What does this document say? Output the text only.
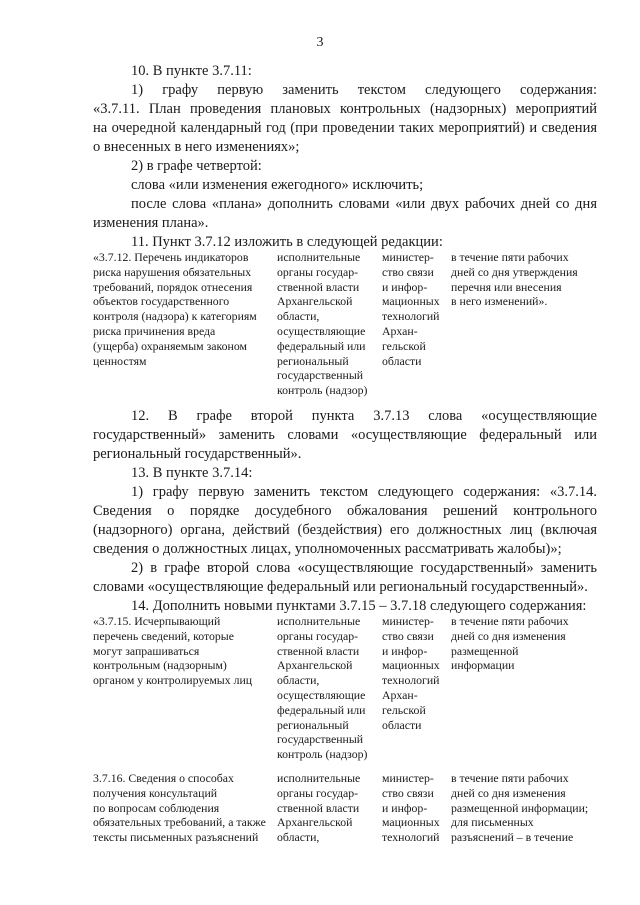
3
10. В пункте 3.7.11:
1) графу первую заменить текстом следующего содержания:
«3.7.11. План проведения плановых контрольных (надзорных) мероприятий
на очередной календарный год (при проведении таких мероприятий) и сведения
о внесенных в него изменениях»;
2) в графе четвертой:
слова «или изменения ежегодного» исключить;
после слова «плана» дополнить словами «или двух рабочих дней со дня
изменения плана».
11. Пункт 3.7.12 изложить в следующей редакции:
«3.7.12. Перечень индикаторов
риска нарушения обязательных
требований, порядок отнесения
объектов государственного
контроля (надзора) к категориям
риска причинения вреда
(ущерба) охраняемым законом
ценностям
исполнительные
органы государ-
ственной власти
Архангельской
области,
осуществляющие
федеральный или
региональный
государственный
контроль (надзор)
министер-
ство связи
и инфор-
мационных
технологий
Архан-
гельской
области
в течение пяти рабочих
дней со дня утверждения
перечня или внесения
в него изменений».
12. В графе второй пункта 3.7.13 слова «осуществляющие
государственный» заменить словами «осуществляющие федеральный или
региональный государственный».
13. В пункте 3.7.14:
1) графу первую заменить текстом следующего содержания: «3.7.14.
Сведения о порядке досудебного обжалования решений контрольного
(надзорного) органа, действий (бездействия) его должностных лиц (включая
сведения о должностных лицах, уполномоченных рассматривать жалобы)»;
2) в графе второй слова «осуществляющие государственный» заменить
словами «осуществляющие федеральный или региональный государственный».
14. Дополнить новыми пунктами 3.7.15 – 3.7.18 следующего содержания:
«3.7.15. Исчерпывающий
перечень сведений, которые
могут запрашиваться
контрольным (надзорным)
органом у контролируемых лиц
исполнительные
органы государ-
ственной власти
Архангельской
области,
осуществляющие
федеральный или
региональный
государственный
контроль (надзор)
министер-
ство связи
и инфор-
мационных
технологий
Архан-
гельской
области
в течение пяти рабочих
дней со дня изменения
размещенной
информации
3.7.16. Сведения о способах
получения консультаций
по вопросам соблюдения
обязательных требований, а также
тексты письменных разъяснений
исполнительные
органы государ-
ственной власти
Архангельской
области,
министер-
ство связи
и инфор-
мационных
технологий
в течение пяти рабочих
дней со дня изменения
размещенной информации;
для письменных
разъяснений – в течение
